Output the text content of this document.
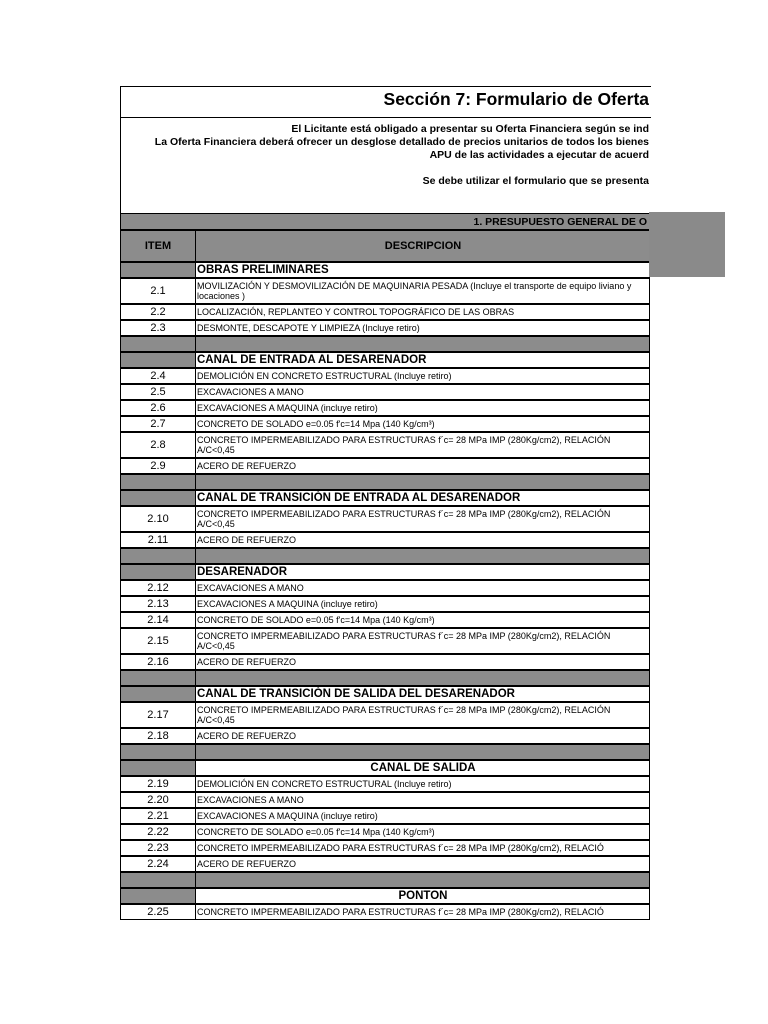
Sección 7: Formulario de Oferta
El Licitante está obligado a presentar su Oferta Financiera según se ind
La Oferta Financiera deberá ofrecer un desglose detallado de precios unitarios de todos los bienes
APU de las actividades a ejecutar de acuerd
Se debe utilizar el formulario que se presenta
1. PRESUPUESTO GENERAL DE O
ITEM	DESCRIPCION
OBRAS PRELIMINARES
2.1	MOVILIZACIÓN Y DESMOVILIZACIÓN DE MAQUINARIA PESADA (Incluye el transporte de equipo liviano y locaciones )
2.2	LOCALIZACIÓN, REPLANTEO Y CONTROL TOPOGRÁFICO DE LAS OBRAS
2.3	DESMONTE, DESCAPOTE Y LIMPIEZA (Incluye retiro)
CANAL DE ENTRADA AL DESARENADOR
2.4	DEMOLICIÓN EN CONCRETO ESTRUCTURAL (Incluye retiro)
2.5	EXCAVACIONES A MANO
2.6	EXCAVACIONES A MAQUINA (incluye retiro)
2.7	CONCRETO DE SOLADO e=0.05 f'c=14 Mpa (140 Kg/cm³)
2.8	CONCRETO IMPERMEABILIZADO PARA ESTRUCTURAS f´c= 28 MPa IMP (280Kg/cm2), RELACIÓN A/C<0,45
2.9	ACERO DE REFUERZO
CANAL DE TRANSICIÓN DE ENTRADA AL DESARENADOR
2.10	CONCRETO IMPERMEABILIZADO PARA ESTRUCTURAS f´c= 28 MPa IMP (280Kg/cm2), RELACIÓN A/C<0,45
2.11	ACERO DE REFUERZO
DESARENADOR
2.12	EXCAVACIONES A MANO
2.13	EXCAVACIONES A MAQUINA (incluye retiro)
2.14	CONCRETO DE SOLADO e=0.05 f'c=14 Mpa (140 Kg/cm³)
2.15	CONCRETO IMPERMEABILIZADO PARA ESTRUCTURAS f´c= 28 MPa IMP (280Kg/cm2), RELACIÓN A/C<0,45
2.16	ACERO DE REFUERZO
CANAL DE TRANSICIÓN DE SALIDA DEL DESARENADOR
2.17	CONCRETO IMPERMEABILIZADO PARA ESTRUCTURAS f´c= 28 MPa IMP (280Kg/cm2), RELACIÓN A/C<0,45
2.18	ACERO DE REFUERZO
CANAL DE SALIDA
2.19	DEMOLICIÓN EN CONCRETO ESTRUCTURAL (Incluye retiro)
2.20	EXCAVACIONES A MANO
2.21	EXCAVACIONES A MAQUINA (incluye retiro)
2.22	CONCRETO DE SOLADO e=0.05 f'c=14 Mpa (140 Kg/cm³)
2.23	CONCRETO IMPERMEABILIZADO PARA ESTRUCTURAS f´c= 28 MPa IMP (280Kg/cm2), RELACIÓ
2.24	ACERO DE REFUERZO
PONTON
2.25	CONCRETO IMPERMEABILIZADO PARA ESTRUCTURAS f´c= 28 MPa IMP (280Kg/cm2), RELACIÓ
